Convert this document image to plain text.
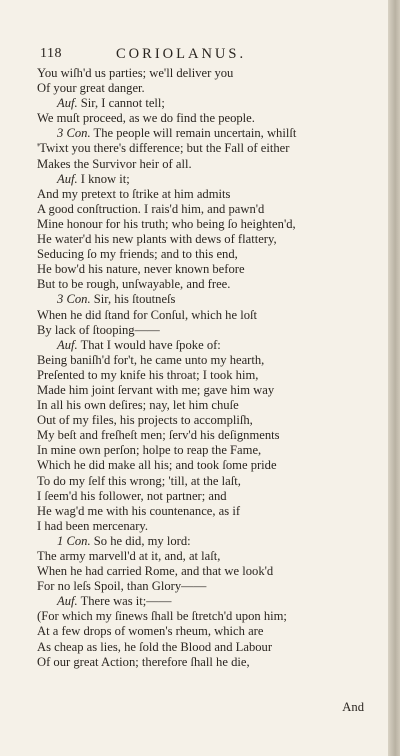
118	CORIOLANUS.
You wiſh'd us parties; we'll deliver you
Of your great danger.
Auf. Sir, I cannot tell;
We muſt proceed, as we do find the people.
3 Con. The people will remain uncertain, whilſt
'Twixt you there's difference; but the Fall of either
Makes the Survivor heir of all.
Auf. I know it;
And my pretext to ſtrike at him admits
A good conſtruction. I rais'd him, and pawn'd
Mine honour for his truth; who being ſo heighten'd,
He water'd his new plants with dews of flattery,
Seducing ſo my friends; and to this end,
He bow'd his nature, never known before
But to be rough, unſwayable, and free.
3 Con. Sir, his ſtoutneſs
When he did ſtand for Conſul, which he loſt
By lack of ſtooping——
Auf. That I would have ſpoke of:
Being baniſh'd for't, he came unto my hearth,
Preſented to my knife his throat; I took him,
Made him joint ſervant with me; gave him way
In all his own deſires; nay, let him chuſe
Out of my files, his projects to accompliſh,
My beſt and freſheſt men; ſerv'd his deſignments
In mine own perſon; holpe to reap the Fame,
Which he did make all his; and took ſome pride
To do my ſelf this wrong; 'till, at the laſt,
I ſeem'd his follower, not partner; and
He wag'd me with his countenance, as if
I had been mercenary.
1 Con. So he did, my lord:
The army marvell'd at it, and, at laſt,
When he had carried Rome, and that we look'd
For no leſs Spoil, than Glory——
Auf. There was it;——
(For which my ſinews ſhall be ſtretch'd upon him;
At a few drops of women's rheum, which are
As cheap as lies, he ſold the Blood and Labour
Of our great Action; therefore ſhall he die,
And
